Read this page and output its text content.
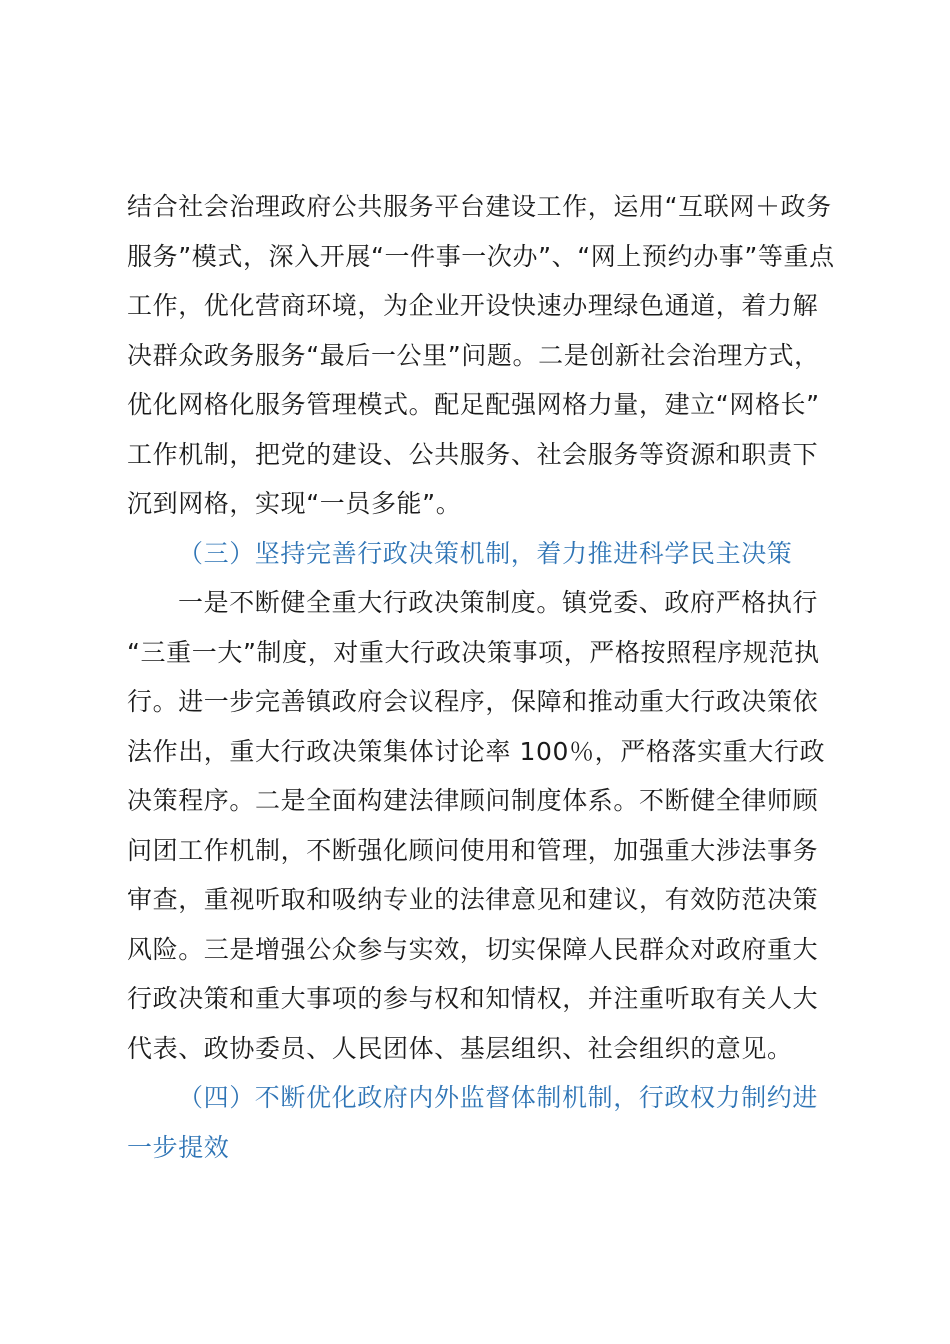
结合社会治理政府公共服务平台建设工作，运用“互联网＋政务
服务”模式，深入开展“一件事一次办”、“网上预约办事”等重点
工作，优化营商环境，为企业开设快速办理绿色通道，着力解
决群众政务服务“最后一公里”问题。二是创新社会治理方式，
优化网格化服务管理模式。配足配强网格力量，建立“网格长”
工作机制，把党的建设、公共服务、社会服务等资源和职责下
沉到网格，实现“一员多能”。
（三）坚持完善行政决策机制，着力推进科学民主决策
一是不断健全重大行政决策制度。镇党委、政府严格执行
“三重一大”制度，对重大行政决策事项，严格按照程序规范执
行。进一步完善镇政府会议程序，保障和推动重大行政决策依
法作出，重大行政决策集体讨论率 100％，严格落实重大行政
决策程序。二是全面构建法律顾问制度体系。不断健全律师顾
问团工作机制，不断强化顾问使用和管理，加强重大涉法事务
审查，重视听取和吸纳专业的法律意见和建议，有效防范决策
风险。三是增强公众参与实效，切实保障人民群众对政府重大
行政决策和重大事项的参与权和知情权，并注重听取有关人大
代表、政协委员、人民团体、基层组织、社会组织的意见。
（四）不断优化政府内外监督体制机制，行政权力制约进
一步提效
